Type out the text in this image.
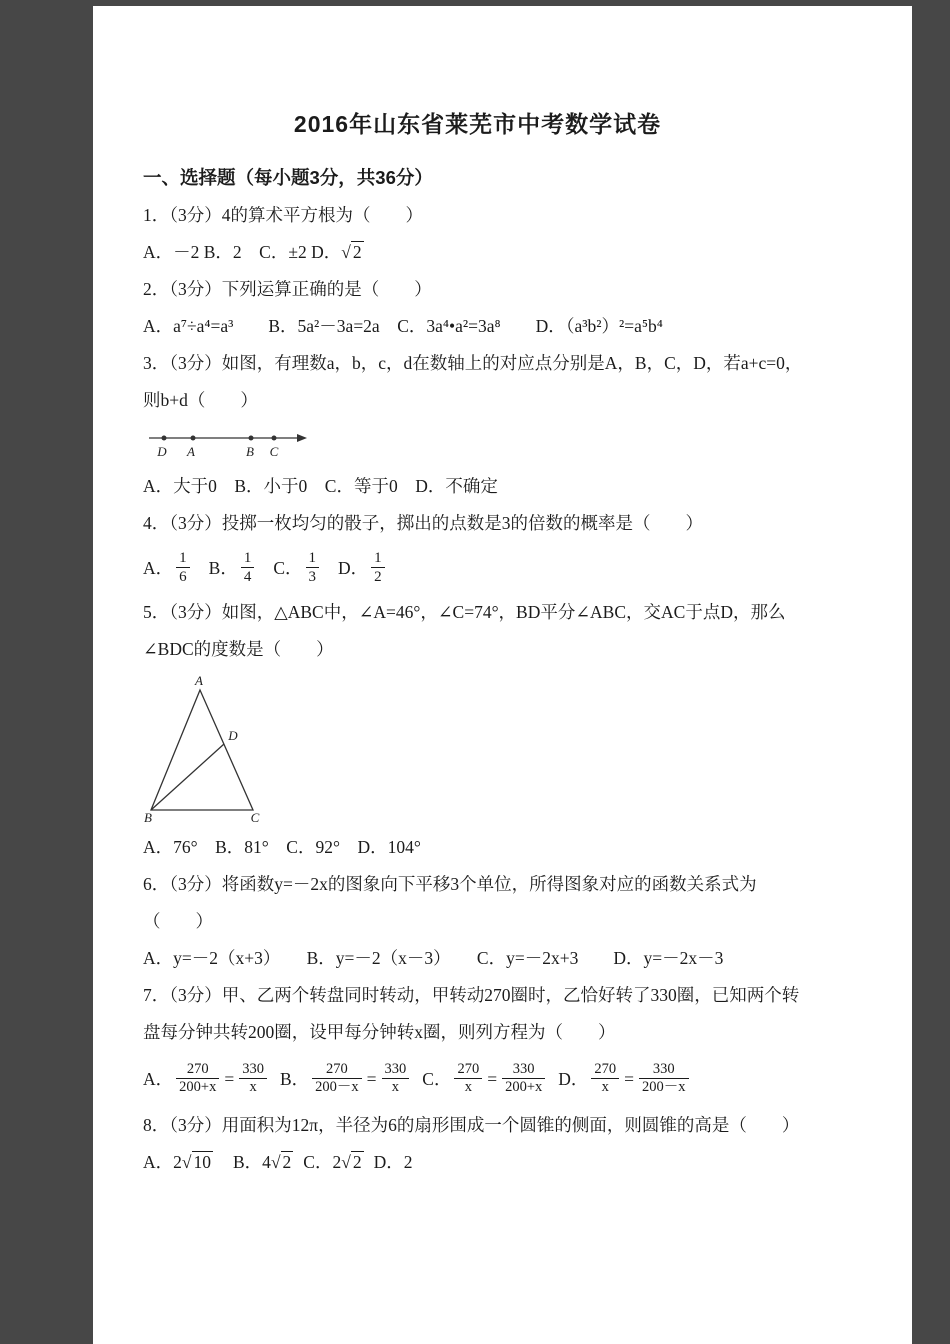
2016年山东省莱芜市中考数学试卷
一、选择题（每小题3分，共36分）

1．（3分）4的算术平方根为（　　）

A．－2 B．2　C．±2 D．√ 2

2．（3分）下列运算正确的是（　　）

A．a⁷÷a⁴=a³　　B．5a²－3a=2a　C．3a⁴•a²=3a⁸　　D．（a³b²）²=a⁵b⁴

3．（3分）如图，有理数a，b，c，d在数轴上的对应点分别是A，B，C，D，若a+c=0，则b+d（　　）

D A	B C

A．大于0　B．小于0　C．等于0　D．不确定

4．（3分）投掷一枚均匀的骰子，掷出的点数是3的倍数的概率是（　　）

A． $\frac{1}{6}$ B． $\frac{1}{4}$ C． $\frac{1}{3}$ D． $\frac{1}{2}$

5．（3分）如图，△ABC中，∠A=46°，∠C=74°，BD平分∠ABC，交AC于点D，那么∠BDC的度数是（　　）

A
B	C
D

A．76°　B．81°　C．92°　D．104°

6．（3分）将函数y=－2x的图象向下平移3个单位，所得图象对应的函数关系式为（　　）

A．y=－2（x+3）　　B．y=－2（x－3）　　C．y=－2x+3　　D．y=－2x－3

7．（3分）甲、乙两个转盘同时转动，甲转动270圈时，乙恰好转了330圈，已知两个转盘每分钟共转200圈，设甲每分钟转x圈，则列方程为（　　）

A． $\frac{270}{200+x} = \frac{330}{x}$ B． $\frac{270}{200-x} = \frac{330}{x}$ C． $\frac{270}{x} = \frac{330}{200+x}$ D． $\frac{270}{x} = \frac{330}{200-x}$

8．（3分）用面积为12π，半径为6的扇形围成一个圆锥的侧面，则圆锥的高是（　　）

A．2√ 10 B．4√ 2 C．2√ 2 D．2
